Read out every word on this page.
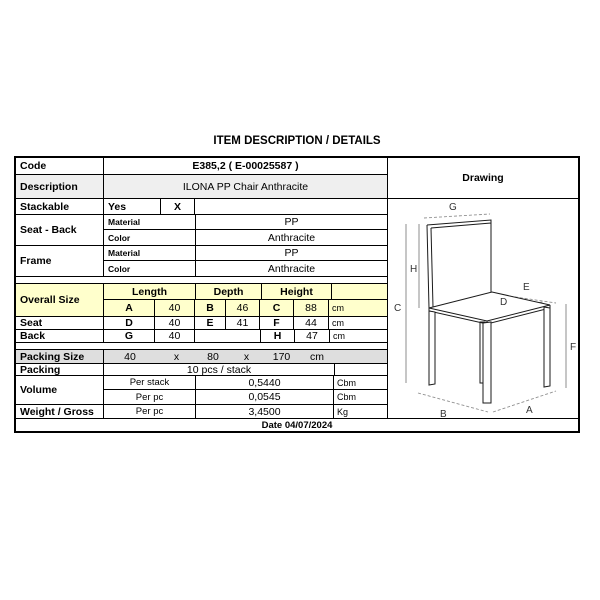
ITEM DESCRIPTION / DETAILS
Code	E385,2 ( E-00025587 )
Description	ILONA PP Chair Anthracite
Stackable	Yes	X
Seat - Back
Material	PP
Color	Anthracite
Frame
Material	PP
Color	Anthracite
Overall Size
Length	Depth	Height
A	40	B	46	C	88	cm
Seat	D	40	E	41	F	44	cm
Back	G	40	H	47	cm
Packing Size	40	x	80	x	170	cm
Packing	10 pcs / stack
Volume
Per stack	0,5440	Cbm
Per pc	0,0545	Cbm
Weight / Gross	Per pc	3,4500	Kg
Drawing
C
H
F
G
E
D
B	A
Date 04/07/2024
